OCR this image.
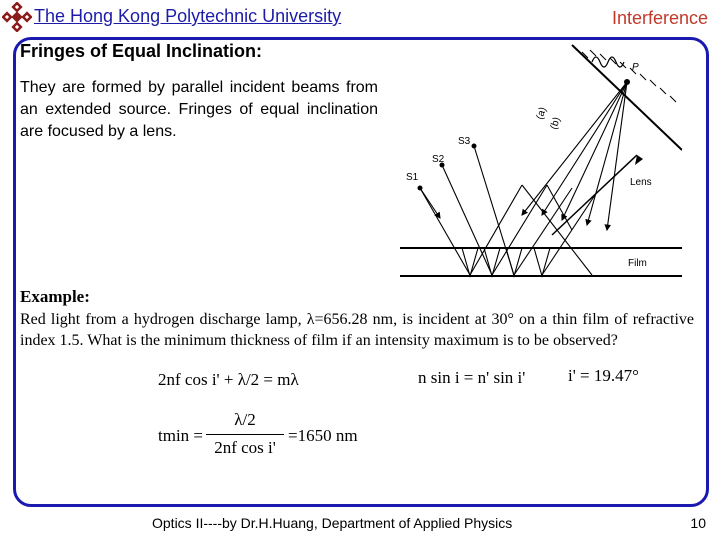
The Hong Kong Polytechnic University	Interference
Fringes of Equal Inclination:
They are formed by parallel incident beams from an extended source. Fringes of equal inclination are focused by a lens.
P
(a)
(b)
S3
S2
S1	Lens
Film
Example:
Red light from a hydrogen discharge lamp, λ=656.28 nm, is incident at 30° on a thin film of refractive index 1.5. What is the minimum thickness of film if an intensity maximum is to be observed?
2nf cos i' + λ/2 = mλ	n sin i = n' sin i'	i' = 19.47°
tmin =
λ/2
2nf cos i'
=1650 nm
Optics II----by Dr.H.Huang, Department of Applied Physics	10
